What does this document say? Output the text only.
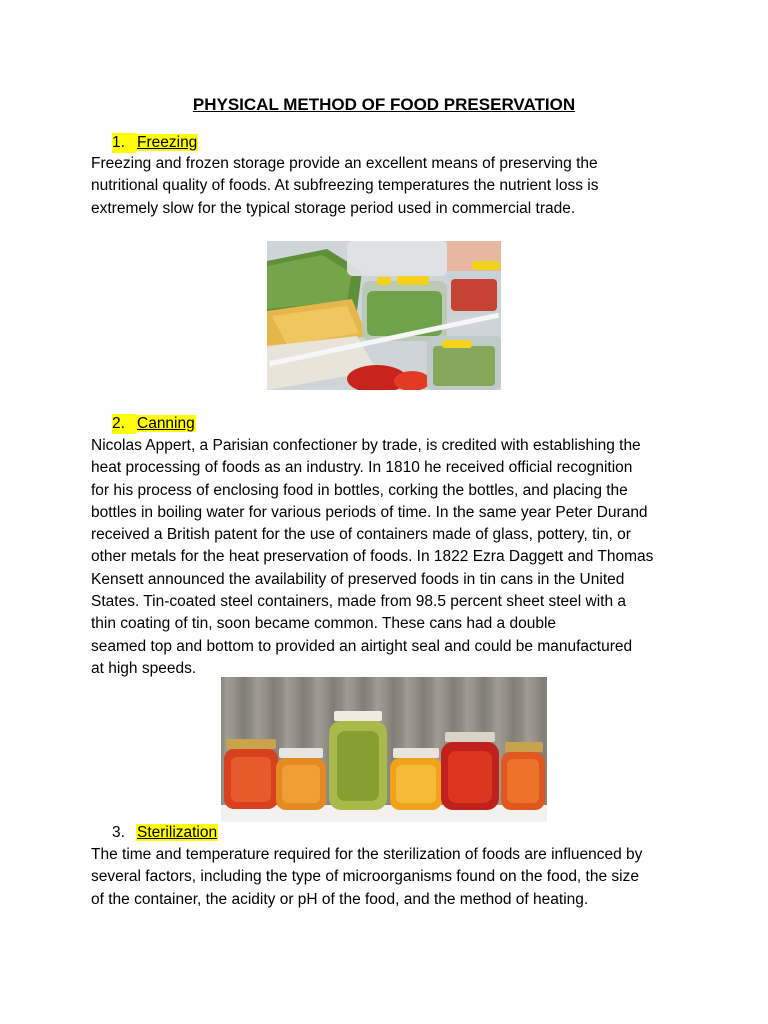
PHYSICAL METHOD OF FOOD PRESERVATION
1. Freezing
Freezing and frozen storage provide an excellent means of preserving the
nutritional quality of foods. At subfreezing temperatures the nutrient loss is
extremely slow for the typical storage period used in commercial trade.
2. Canning
Nicolas Appert, a Parisian confectioner by trade, is credited with establishing the
heat processing of foods as an industry. In 1810 he received official recognition
for his process of enclosing food in bottles, corking the bottles, and placing the
bottles in boiling water for various periods of time. In the same year Peter Durand
received a British patent for the use of containers made of glass, pottery, tin, or
other metals for the heat preservation of foods. In 1822 Ezra Daggett and Thomas
Kensett announced the availability of preserved foods in tin cans in the United
States. Tin-coated steel containers, made from 98.5 percent sheet steel with a
thin coating of tin, soon became common. These cans had a double
seamed top and bottom to provided an airtight seal and could be manufactured
at high speeds.
3. Sterilization
The time and temperature required for the sterilization of foods are influenced by
several factors, including the type of microorganisms found on the food, the size
of the container, the acidity or pH of the food, and the method of heating.
